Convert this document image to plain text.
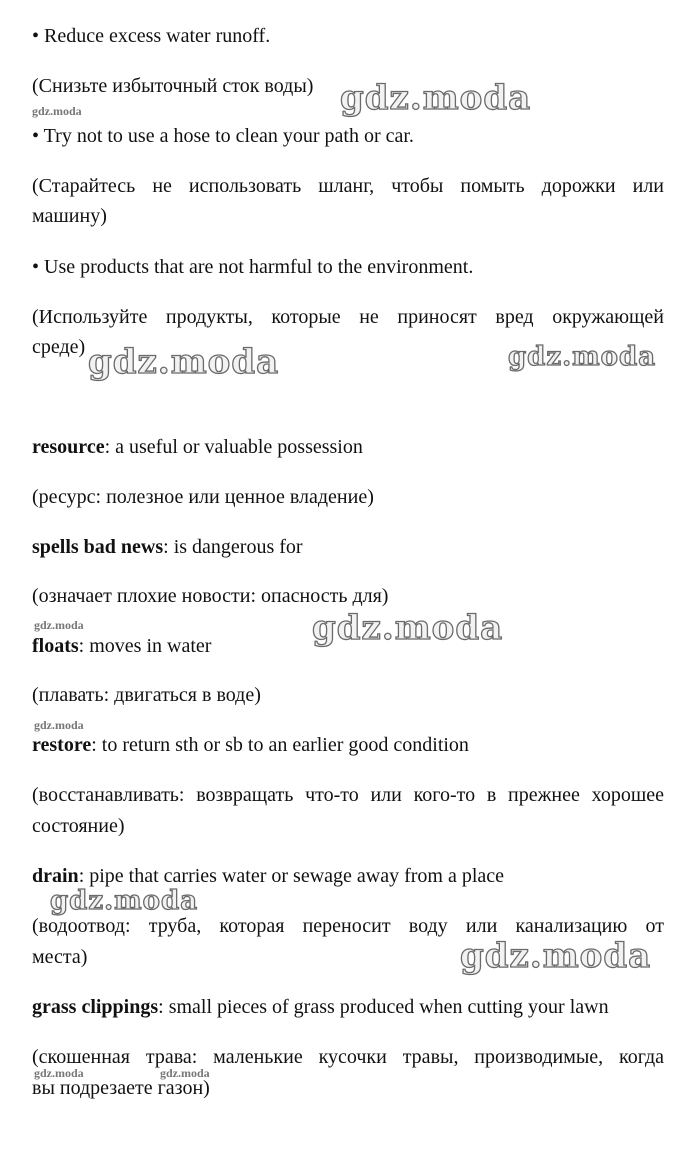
• Reduce excess water runoff.

(Снизьте избыточный сток воды)

• Try not to use a hose to clean your path or car.

(Старайтесь не использовать шланг, чтобы помыть дорожки или

машину)

• Use products that are not harmful to the environment.

(Используйте продукты, которые не приносят вред окружающей

среде)

resource: a useful or valuable possession

(ресурс: полезное или ценное владение)

spells bad news: is dangerous for

(означает плохие новости: опасность для)

floats: moves in water

(плавать: двигаться в воде)

restore: to return sth or sb to an earlier good condition

(восстанавливать: возвращать что-то или кого-то в прежнее хорошее

состояние)

drain: pipe that carries water or sewage away from a place

(водоотвод: труба, которая переносит воду или канализацию от

места)

grass clippings: small pieces of grass produced when cutting your lawn

(скошенная трава: маленькие кусочки травы, производимые, когда

вы подрезаете газон)

gdz.moda
gdz.moda
gdz.moda	gdz.moda
gdz.moda	gdz.moda
gdz.moda
gdz.moda
gdz.moda
gdz.moda	gdz.moda
